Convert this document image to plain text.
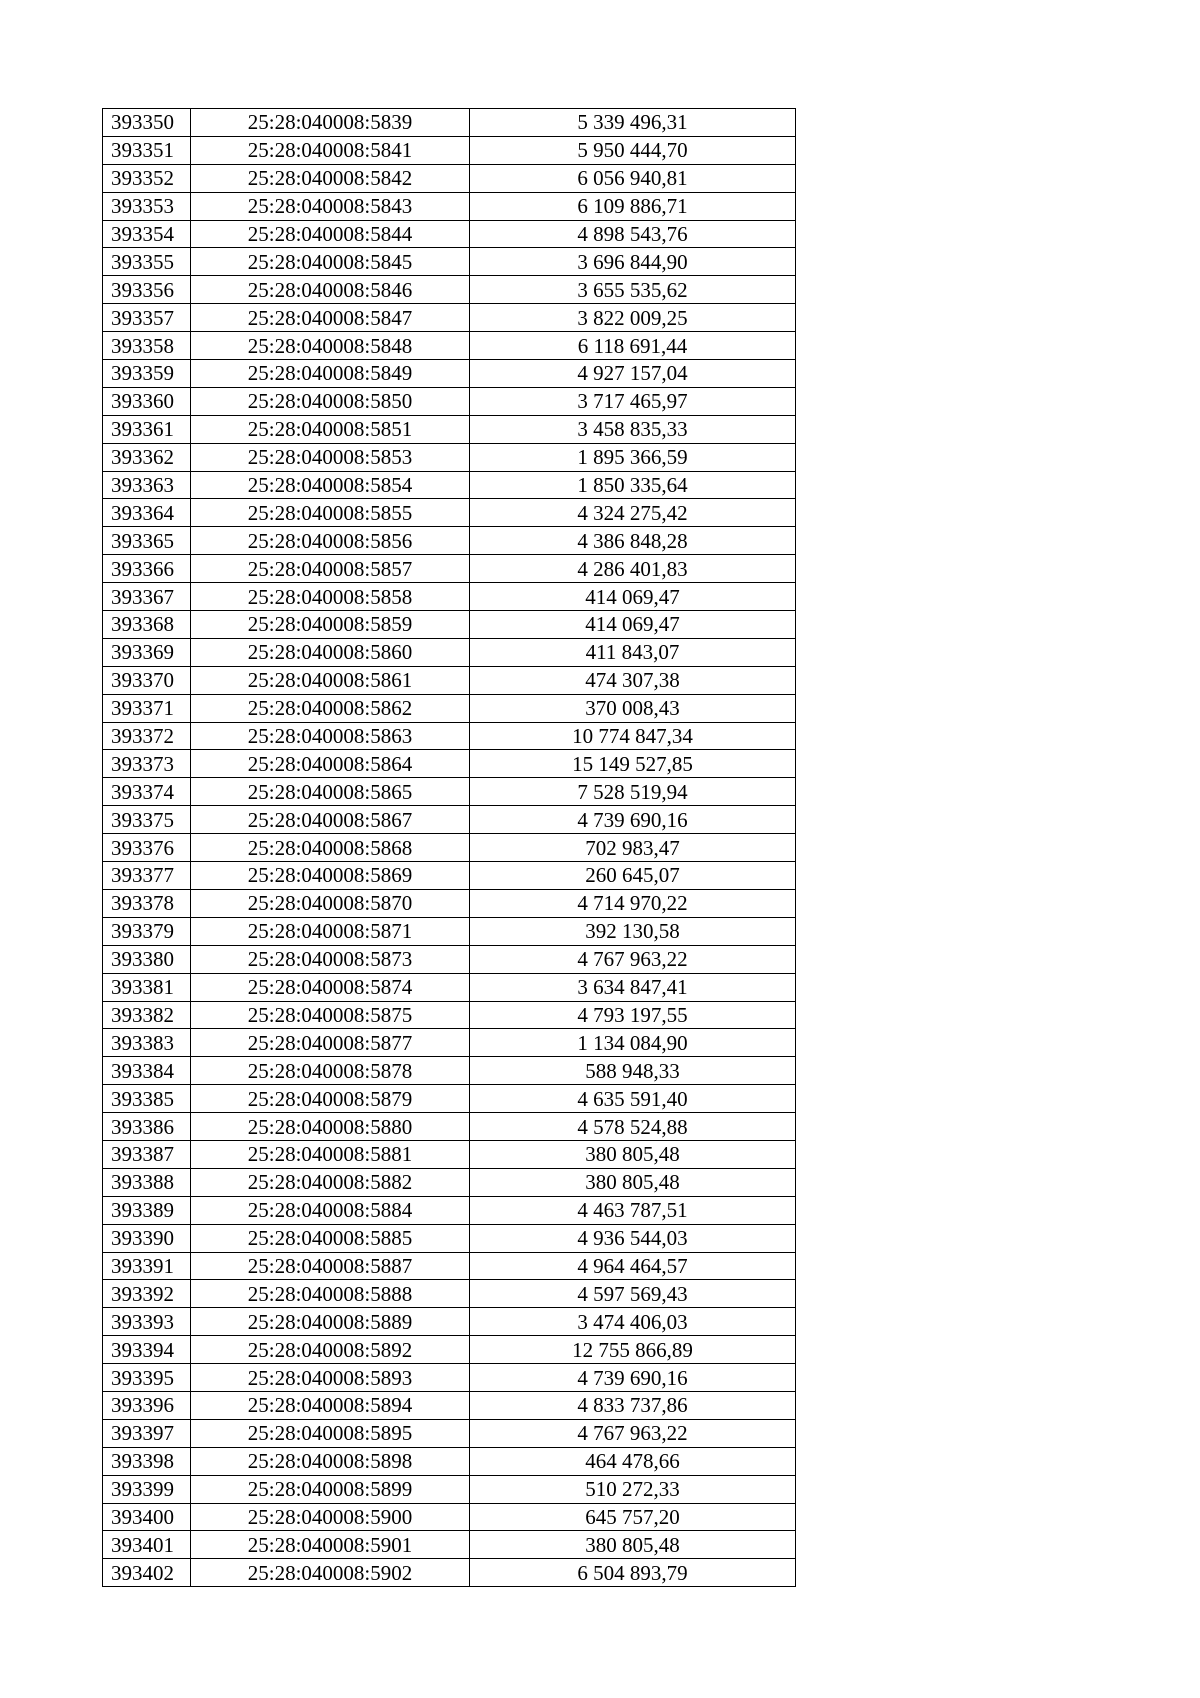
393350	25:28:040008:5839	5 339 496,31
393351	25:28:040008:5841	5 950 444,70
393352	25:28:040008:5842	6 056 940,81
393353	25:28:040008:5843	6 109 886,71
393354	25:28:040008:5844	4 898 543,76
393355	25:28:040008:5845	3 696 844,90
393356	25:28:040008:5846	3 655 535,62
393357	25:28:040008:5847	3 822 009,25
393358	25:28:040008:5848	6 118 691,44
393359	25:28:040008:5849	4 927 157,04
393360	25:28:040008:5850	3 717 465,97
393361	25:28:040008:5851	3 458 835,33
393362	25:28:040008:5853	1 895 366,59
393363	25:28:040008:5854	1 850 335,64
393364	25:28:040008:5855	4 324 275,42
393365	25:28:040008:5856	4 386 848,28
393366	25:28:040008:5857	4 286 401,83
393367	25:28:040008:5858	414 069,47
393368	25:28:040008:5859	414 069,47
393369	25:28:040008:5860	411 843,07
393370	25:28:040008:5861	474 307,38
393371	25:28:040008:5862	370 008,43
393372	25:28:040008:5863	10 774 847,34
393373	25:28:040008:5864	15 149 527,85
393374	25:28:040008:5865	7 528 519,94
393375	25:28:040008:5867	4 739 690,16
393376	25:28:040008:5868	702 983,47
393377	25:28:040008:5869	260 645,07
393378	25:28:040008:5870	4 714 970,22
393379	25:28:040008:5871	392 130,58
393380	25:28:040008:5873	4 767 963,22
393381	25:28:040008:5874	3 634 847,41
393382	25:28:040008:5875	4 793 197,55
393383	25:28:040008:5877	1 134 084,90
393384	25:28:040008:5878	588 948,33
393385	25:28:040008:5879	4 635 591,40
393386	25:28:040008:5880	4 578 524,88
393387	25:28:040008:5881	380 805,48
393388	25:28:040008:5882	380 805,48
393389	25:28:040008:5884	4 463 787,51
393390	25:28:040008:5885	4 936 544,03
393391	25:28:040008:5887	4 964 464,57
393392	25:28:040008:5888	4 597 569,43
393393	25:28:040008:5889	3 474 406,03
393394	25:28:040008:5892	12 755 866,89
393395	25:28:040008:5893	4 739 690,16
393396	25:28:040008:5894	4 833 737,86
393397	25:28:040008:5895	4 767 963,22
393398	25:28:040008:5898	464 478,66
393399	25:28:040008:5899	510 272,33
393400	25:28:040008:5900	645 757,20
393401	25:28:040008:5901	380 805,48
393402	25:28:040008:5902	6 504 893,79
